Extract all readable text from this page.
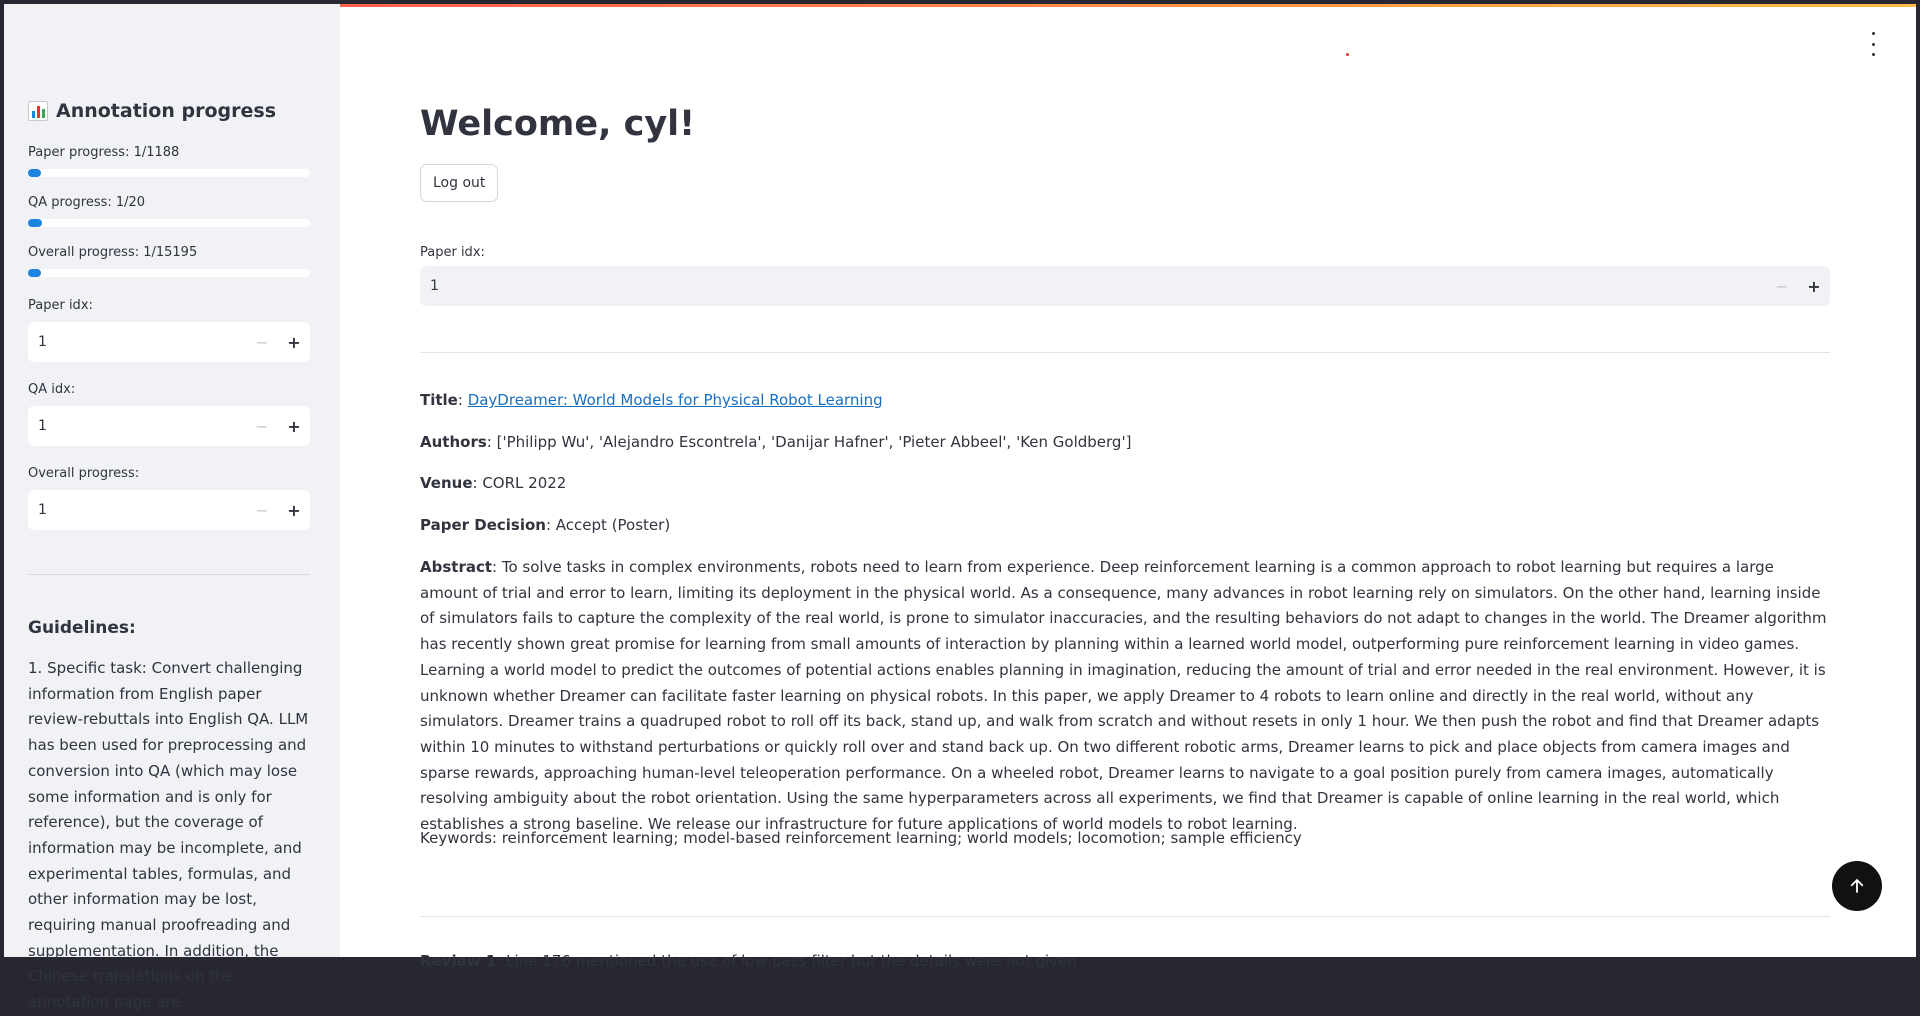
Annotation progress
Paper progress: 1/1188
QA progress: 1/20
Overall progress: 1/15195
Paper idx:
1	−	+
QA idx:
1	−	+
Overall progress:
1	−	+
Guidelines:
1. Specific task: Convert challenging information from English paper review-rebuttals into English QA. LLM has been used for preprocessing and conversion into QA (which may lose some information and is only for reference), but the coverage of information may be incomplete, and experimental tables, formulas, and other information may be lost, requiring manual proofreading and supplementation. In addition, the Chinese translations on the annotation page are
Welcome, cyl!
Log out
Paper idx:
1	−	+
Title: DayDreamer: World Models for Physical Robot Learning
Authors: ['Philipp Wu', 'Alejandro Escontrela', 'Danijar Hafner', 'Pieter Abbeel', 'Ken Goldberg']
Venue: CORL 2022
Paper Decision: Accept (Poster)
Abstract: To solve tasks in complex environments, robots need to learn from experience. Deep reinforcement learning is a common approach to robot learning but requires a large amount of trial and error to learn, limiting its deployment in the physical world. As a consequence, many advances in robot learning rely on simulators. On the other hand, learning inside of simulators fails to capture the complexity of the real world, is prone to simulator inaccuracies, and the resulting behaviors do not adapt to changes in the world. The Dreamer algorithm has recently shown great promise for learning from small amounts of interaction by planning within a learned world model, outperforming pure reinforcement learning in video games. Learning a world model to predict the outcomes of potential actions enables planning in imagination, reducing the amount of trial and error needed in the real environment. However, it is unknown whether Dreamer can facilitate faster learning on physical robots. In this paper, we apply Dreamer to 4 robots to learn online and directly in the real world, without any simulators. Dreamer trains a quadruped robot to roll off its back, stand up, and walk from scratch and without resets in only 1 hour. We then push the robot and find that Dreamer adapts within 10 minutes to withstand perturbations or quickly roll over and stand back up. On two different robotic arms, Dreamer learns to pick and place objects from camera images and sparse rewards, approaching human-level teleoperation performance. On a wheeled robot, Dreamer learns to navigate to a goal position purely from camera images, automatically resolving ambiguity about the robot orientation. Using the same hyperparameters across all experiments, we find that Dreamer is capable of online learning in the real world, which establishes a strong baseline. We release our infrastructure for future applications of world models to robot learning.
Keywords: reinforcement learning; model-based reinforcement learning; world models; locomotion; sample efficiency
Review 1: Line 176 mentioned the use of low-pass filter but the details were not given
